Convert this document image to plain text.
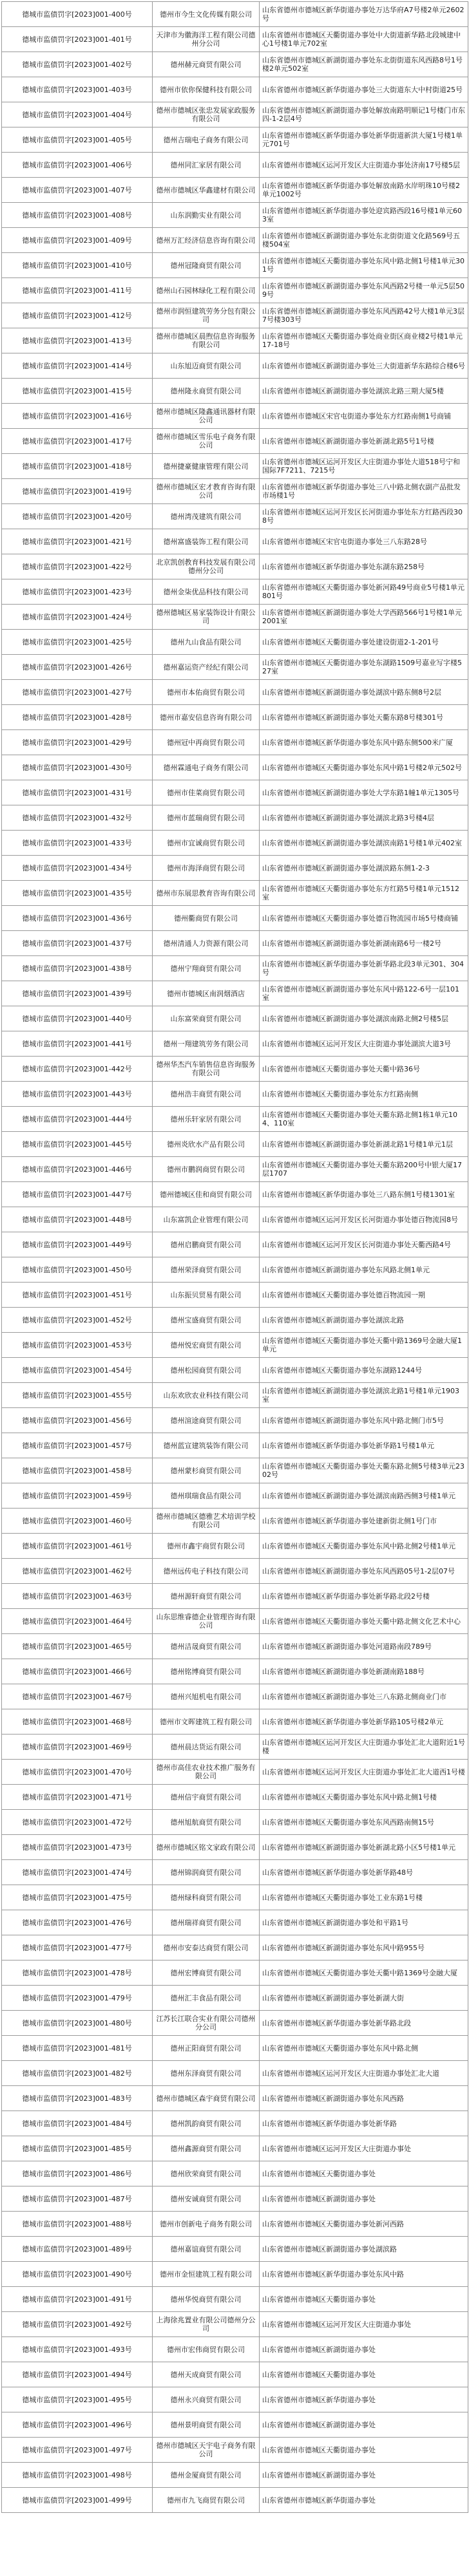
德城市监债罚字[2023]001-400号	德州市今生文化传媒有限公司	山东省德州市德城区新华街道办事处万达华府A7号楼2单元2602号
德城市监债罚字[2023]001-401号	天津市为徽海洋工程有限公司德州分公司	山东省德州市德城区天衢街道办事处中大街道新华路北段城建中心1号楼1单元702室
德城市监债罚字[2023]001-402号	德州赫元商贸有限公司	山东省德州市德城区新湖街道办事处东北街街道东风西路8号1号楼2单元502室
德城市监债罚字[2023]001-403号	德州市依你保健科技有限公司	山东省德州市德城区新华街道办事处三大街道东大中村街道25号
德城市监债罚字[2023]001-404号	德州市德城区张忠发展家政服务有限公司	山东省德州市德城区新湖街道办事处解放南路明顺记1号楼门市东四-1-2层4号
德城市监债罚字[2023]001-405号	德州吉瑞电子商务有限公司	山东省德州市德城区新华街道办事处新华街道新洪大厦1号楼1单元701号
德城市监债罚字[2023]001-406号	德州同汇家居有限公司	山东省德州市德城区运河开发区大庄街道办事处济南17号楼5层
德城市监债罚字[2023]001-407号	德州市德城区华鑫建材有限公司	山东省德州市德城区新华街道办事处解放南路水岸明珠10号楼2单元1002号
德城市监债罚字[2023]001-408号	山东润勤实业有限公司	山东省德州市德城区新华街道办事处迎宾路西段16号楼1单元603室
德城市监债罚字[2023]001-409号	德州万汇经济信息咨询有限公司	山东省德州市德城区新湖街道办事处东北街街道文化路569号五楼504室
德城市监债罚字[2023]001-410号	德州冠隆商贸有限公司	山东省德州市德城区天衢街道办事处东风中路北侧1号楼1单元301号
德城市监债罚字[2023]001-411号	德州山石园林绿化工程有限公司	山东省德州市德城区新湖街道办事处东风西路2号楼一单元5层509号
德城市监债罚字[2023]001-412号	德州市润恒建筑劳务分包有限公司	山东省德州市德城区新湖街道办事处东风西路42号大楼1单元3层7号楼303号
德城市监债罚字[2023]001-413号	德州市德城区晨煦信息咨询服务有限公司	山东省德州市德城区天衢街道办事处商业街区商业楼2号楼1单元17-18号
德城市监债罚字[2023]001-414号	山东旭迈商贸有限公司	山东省德州市德城区新湖街道办事处三大街道新华东路综合楼6号
德城市监债罚字[2023]001-415号	德州隆永商贸有限公司	山东省德州市德城区新湖街道办事处湖滨北路三期大厦5楼
德城市监债罚字[2023]001-416号	德州市德城区隆鑫通讯器材有限公司	山东省德州市德城区宋官屯街道办事处东方红路南侧1号商铺
德城市监债罚字[2023]001-417号	德州市德城区雪乐电子商务有限公司	山东省德州市德城区新湖街道办事处新湖北路5号1号楼
德城市监债罚字[2023]001-418号	德州捷豪健康管理有限公司	山东省德州市德城区运河开发区大庄街道办事处大道518号宁和国际7F7211、7215号
德城市监债罚字[2023]001-419号	德州市德城区宏才教育咨询有限公司	山东省德州市德城区新华街道办事处三八中路北侧农副产品批发市场楼1号
德城市监债罚字[2023]001-420号	德州湾茂建筑有限公司	山东省德州市德城区运河开发区长河街道办事处东方红路西段308号
德城市监债罚字[2023]001-421号	德州富盛装饰工程有限公司	山东省德州市德城区宋官屯街道办事处三八东路28号
德城市监债罚字[2023]001-422号	北京凯创教育科技发展有限公司德州分公司	山东省德州市德城区新华街道办事处东湖东路258号
德城市监债罚字[2023]001-423号	德州金柒优品科技有限公司	山东省德州市德城区天衢街道办事处新河路49号商业5号楼1单元801号
德城市监债罚字[2023]001-424号	德州德城区易家装饰设计有限公司	山东省德州市德城区新湖街道办事处大学西路566号1号楼1单元2001室
德城市监债罚字[2023]001-425号	德州九山食品有限公司	山东省德州市德城区天衢街道办事处建设街道2-1-201号
德城市监债罚字[2023]001-426号	德州嘉运资产经纪有限公司	山东省德州市德城区天衢街道办事处东湖路1509号嘉业写字楼527室
德城市监债罚字[2023]001-427号	德州市本佑商贸有限公司	山东省德州市德城区新湖街道办事处湖滨中路东侧8号2层
德城市监债罚字[2023]001-428号	德州市嘉安信息咨询有限公司	山东省德州市德城区新湖街道办事处天衢东路8号楼301号
德城市监债罚字[2023]001-429号	德州冠中再商贸有限公司	山东省德州市德城区新华街道办事处东风中路东侧500米广厦
德城市监债罚字[2023]001-430号	德州霖通电子商务有限公司	山东省德州市德城区天衢街道办事处东风中路1号楼2单元502号
德城市监债罚字[2023]001-431号	德州市佳菜商贸有限公司	山东省德州市德城区新湖街道办事处大学东路1幢1单元1305号
德城市监债罚字[2023]001-432号	德州市蓝瑞商贸有限公司	山东省德州市德城区新湖街道办事处湖滨北路3号楼4层
德城市监债罚字[2023]001-433号	德州市宜诚商贸有限公司	山东省德州市德城区新湖街道办事处湖滨南路1号楼1单元402室
德城市监债罚字[2023]001-434号	德州市海泽商贸有限公司	山东省德州市德城区新湖街道办事处湖滨路东侧1-2-3
德城市监债罚字[2023]001-435号	德州市东展思教育咨询有限公司	山东省德州市德城区天衢街道办事处东方红路5号楼1单元1512室
德城市监债罚字[2023]001-436号	德州衢商贸有限公司	山东省德州市德城区天衢街道办事处德百物流园市场5号楼商铺
德城市监债罚字[2023]001-437号	德州清通人力资源有限公司	山东省德州市德城区新湖街道办事处新湖南路6号一楼2号
德城市监债罚字[2023]001-438号	德州宁翔商贸有限公司	山东省德州市德城区新华街道办事处新华路北段3单元301、304号
德城市监债罚字[2023]001-439号	德州市德城区南润烟酒店	山东省德州市德城区新湖街道办事处东风中路122-6号一层101室
德城市监债罚字[2023]001-440号	山东富荣商贸有限公司	山东省德州市德城区新湖街道办事处湖滨南路北侧2号楼5层
德城市监债罚字[2023]001-441号	德州一翔建筑劳务有限公司	山东省德州市德城区运河开发区大庄街道办事处湖滨大道3号
德城市监债罚字[2023]001-442号	德州华杰汽车销售信息咨询服务有限公司	山东省德州市德城区天衢街道办事处天衢中路36号
德城市监债罚字[2023]001-443号	德州浩丰商贸有限公司	山东省德州市德城区天衢街道办事处东方红路南侧
德城市监债罚字[2023]001-444号	德州乐轩家居有限公司	山东省德州市德城区天衢街道办事处天衢东路北侧1栋1单元104、110室
德城市监债罚字[2023]001-445号	德州炎欣水产品有限公司	山东省德州市德城区新湖街道办事处新湖北路1号楼1单元1层
德城市监债罚字[2023]001-446号	德州市鹏润商贸有限公司	山东省德州市德城区天衢街道办事处天衢东路200号中银大厦17层1707
德城市监债罚字[2023]001-447号	德州德城区佳和商贸有限公司	山东省德州市德城区新华街道办事处三八路东侧1号楼1301室
德城市监债罚字[2023]001-448号	山东富凯企业管理有限公司	山东省德州市德城区运河开发区长河街道办事处德百物流园8号
德城市监债罚字[2023]001-449号	德州启鹏商贸有限公司	山东省德州市德城区运河开发区长河街道办事处天衢西路4号
德城市监债罚字[2023]001-450号	德州荣泽商贸有限公司	山东省德州市德城区新湖街道办事处东风路北侧1单元
德城市监债罚字[2023]001-451号	山东振贝贸易有限公司	山东省德州市德城区天衢街道办事处德百物流园一期
德城市监债罚字[2023]001-452号	德州宝盛商贸有限公司	山东省德州市德城区新湖街道办事处湖滨北路
德城市监债罚字[2023]001-453号	德州悦宏商贸有限公司	山东省德州市德城区天衢街道办事处天衢中路1369号金融大厦1单元
德城市监债罚字[2023]001-454号	德州松园商贸有限公司	山东省德州市德城区天衢街道办事处东湖路1244号
德城市监债罚字[2023]001-455号	山东欢欣农业科技有限公司	山东省德州市德城区新湖街道办事处湖滨北路1号楼1单元1903室
德城市监债罚字[2023]001-456号	德州渲途商贸有限公司	山东省德州市德城区新湖街道办事处东风中路北侧门市5号
德城市监债罚字[2023]001-457号	德州蓝宣建筑装饰有限公司	山东省德州市德城区新华街道办事处新华路1号楼1单元
德城市监债罚字[2023]001-458号	德州蒙杉商贸有限公司	山东省德州市德城区天衢街道办事处天衢东路北侧5号楼3单元2302号
德城市监债罚字[2023]001-459号	德州琪瑞食品有限公司	山东省德州市德城区新湖街道办事处湖滨南路西侧3号楼1单元
德城市监债罚字[2023]001-460号	德州市德城区德雅艺术培训学校有限公司	山东省德州市德城区新华街道办事处建新街北侧1号门市
德城市监债罚字[2023]001-461号	德州市鑫宇商贸有限公司	山东省德州市德城区天衢街道办事处东风中路北侧2号楼1单元
德城市监债罚字[2023]001-462号	德州远传电子科技有限公司	山东省德州市德城区新湖街道办事处东风西路05号1-2层07号
德城市监债罚字[2023]001-463号	德州源轩商贸有限公司	山东省德州市德城区新华街道办事处新华路北段2号楼
德城市监债罚字[2023]001-464号	山东思维睿德企业管理咨询有限公司	山东省德州市德城区天衢街道办事处天衢中路北侧文化艺术中心
德城市监债罚字[2023]001-465号	德州洁晟商贸有限公司	山东省德州市德城区新湖街道办事处河道路南段789号
德城市监债罚字[2023]001-466号	德州铭博商贸有限公司	山东省德州市德城区新湖街道办事处新湖南路188号
德城市监债罚字[2023]001-467号	德州兴旭机电有限公司	山东省德州市德城区新湖街道办事处三八东路北侧商业门市
德城市监债罚字[2023]001-468号	德州市文晖建筑工程有限公司	山东省德州市德城区新华街道办事处新华路105号楼2单元
德城市监债罚字[2023]001-469号	德州晨达货运有限公司	山东省德州市德城区运河开发区大庄街道办事处汇北大道附近1号楼
德城市监债罚字[2023]001-470号	德州市高佳农业技术推广服务有限公司	山东省德州市德城区运河开发区大庄街道办事处汇北大道西1号楼
德城市监债罚字[2023]001-471号	德州信宇商贸有限公司	山东省德州市德城区天衢街道办事处东风中路北侧1号楼
德城市监债罚字[2023]001-472号	德州旭航商贸有限公司	山东省德州市德城区天衢街道办事处东风西路南侧15号
德城市监债罚字[2023]001-473号	德州市德城区铭文家政有限公司	山东省德州市德城区新湖街道办事处新湖北路小区5号楼1单元
德城市监债罚字[2023]001-474号	德州锦润商贸有限公司	山东省德州市德城区新华街道办事处新华路48号
德城市监债罚字[2023]001-475号	德州绿科商贸有限公司	山东省德州市德城区天衢街道办事处工业东路1号楼
德城市监债罚字[2023]001-476号	德州瑞祥商贸有限公司	山东省德州市德城区新湖街道办事处和平路1号
德城市监债罚字[2023]001-477号	德州市安泰达商贸有限公司	山东省德州市德城区新湖街道办事处东风中路955号
德城市监债罚字[2023]001-478号	德州宏博商贸有限公司	山东省德州市德城区天衢街道办事处天衢中路1369号金融大厦
德城市监债罚字[2023]001-479号	德州汇丰食品有限公司	山东省德州市德城区新湖街道办事处新湖大街
德城市监债罚字[2023]001-480号	江苏长江联合实业有限公司德州分公司	山东省德州市德城区新华街道办事处新华路北段
德城市监债罚字[2023]001-481号	德州正阳商贸有限公司	山东省德州市德城区天衢街道办事处东风中路北侧
德城市监债罚字[2023]001-482号	德州东泽商贸有限公司	山东省德州市德城区运河开发区大庄街道办事处汇北大道
德城市监债罚字[2023]001-483号	德州市德城区森宇商贸有限公司	山东省德州市德城区新湖街道办事处东风西路
德城市监债罚字[2023]001-484号	德州凯韵商贸有限公司	山东省德州市德城区新华街道办事处新华路
德城市监债罚字[2023]001-485号	德州鑫源商贸有限公司	山东省德州市德城区运河开发区大庄街道办事处
德城市监债罚字[2023]001-486号	德州欣荣商贸有限公司	山东省德州市德城区天衢街道办事处
德城市监债罚字[2023]001-487号	德州安诚商贸有限公司	山东省德州市德城区新湖街道办事处
德城市监债罚字[2023]001-488号	德州市创新电子商务有限公司	山东省德州市德城区天衢街道办事处新河西路
德城市监债罚字[2023]001-489号	德州嘉谊商贸有限公司	山东省德州市德城区新湖街道办事处湖滨路
德城市监债罚字[2023]001-490号	德州市金恒建筑工程有限公司	山东省德州市德城区新华街道办事处东风中路
德城市监债罚字[2023]001-491号	德州华悦商贸有限公司	山东省德州市德城区天衢街道办事处
德城市监债罚字[2023]001-492号	上海徐兆置业有限公司德州分公司	山东省德州市德城区运河开发区大庄街道办事处
德城市监债罚字[2023]001-493号	德州市宏伟商贸有限公司	山东省德州市德城区新湖街道办事处
德城市监债罚字[2023]001-494号	德州天成商贸有限公司	山东省德州市德城区天衢街道办事处
德城市监债罚字[2023]001-495号	德州永兴商贸有限公司	山东省德州市德城区新华街道办事处
德城市监债罚字[2023]001-496号	德州景明商贸有限公司	山东省德州市德城区新湖街道办事处
德城市监债罚字[2023]001-497号	德州市德城区天宇电子商务有限公司	山东省德州市德城区天衢街道办事处
德城市监债罚字[2023]001-498号	德州金厦商贸有限公司	山东省德州市德城区新湖街道办事处
德城市监债罚字[2023]001-499号	德州市九飞商贸有限公司	山东省德州市德城区新华街道办事处
